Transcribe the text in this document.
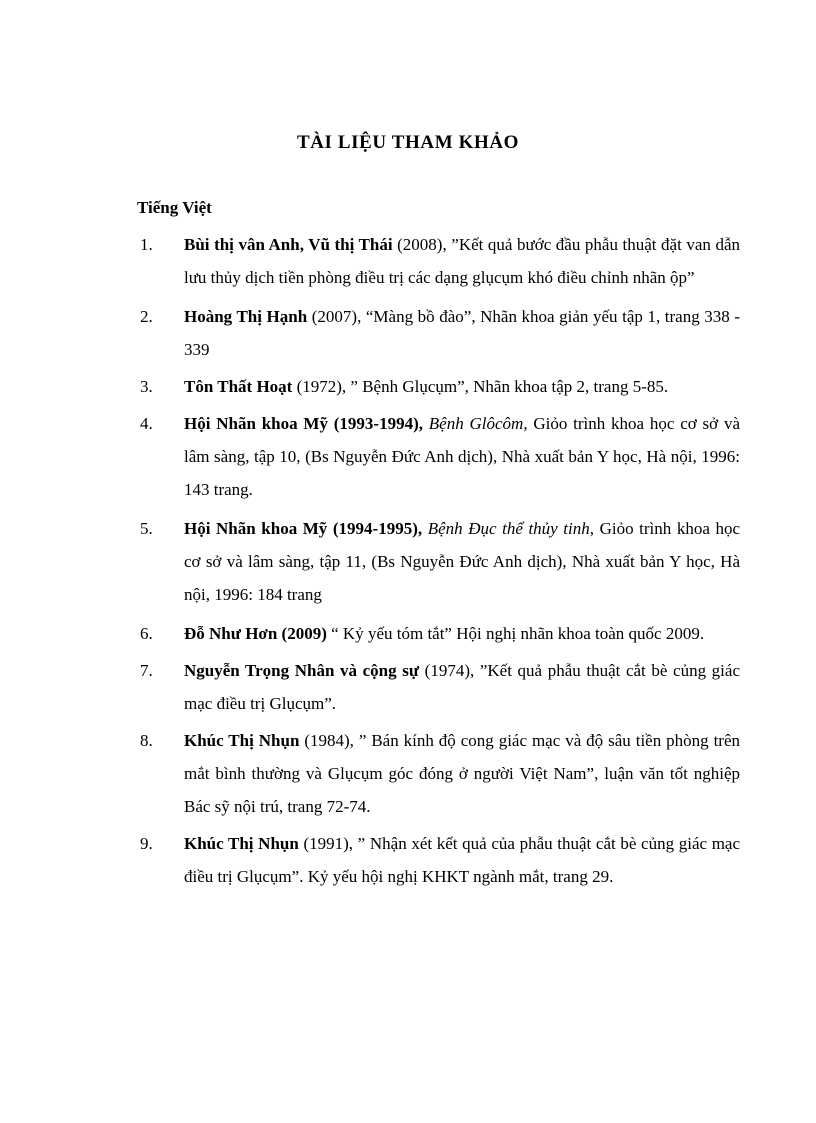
TÀI LIỆU THAM KHẢO
Tiếng Việt
1.	Bùi thị vân Anh, Vũ thị Thái (2008), ”Kết quả bước đầu phẫu thuật đặt van dẫn lưu thủy dịch tiền phòng điều trị các dạng glụcụm khó điều chỉnh nhãn ộp”
2.	Hoàng Thị Hạnh (2007), “Màng bồ đào”, Nhãn khoa giản yếu tập 1, trang 338 - 339
3.	Tôn Thất Hoạt (1972), ” Bệnh Glụcụm”, Nhãn khoa tập 2, trang 5-85.
4.	Hội Nhãn khoa Mỹ (1993-1994), Bệnh Glôcôm, Giỏo trình khoa học cơ sở và lâm sàng, tập 10, (Bs Nguyễn Đức Anh dịch), Nhà xuất bản Y học, Hà nội, 1996: 143 trang.
5.	Hội Nhãn khoa Mỹ (1994-1995), Bệnh Đục thể thủy tinh, Giỏo trình khoa học cơ sở và lâm sàng, tập 11, (Bs Nguyễn Đức Anh dịch), Nhà xuất bản Y học, Hà nội, 1996: 184 trang
6.	Đỗ Như Hơn (2009) “ Kỷ yếu tóm tắt” Hội nghị nhãn khoa toàn quốc 2009.
7.	Nguyễn Trọng Nhân và cộng sự (1974), ”Kết quả phẫu thuật cắt bè củng giác mạc điều trị Glụcụm”.
8.	Khúc Thị Nhụn (1984), ” Bán kính độ cong giác mạc và độ sâu tiền phòng trên mắt bình thường và Glụcụm góc đóng ở người Việt Nam”, luận văn tốt nghiệp Bác sỹ nội trú, trang 72-74.
9.	Khúc Thị Nhụn (1991), ” Nhận xét kết quả của phẫu thuật cắt bè củng giác mạc điều trị Glụcụm”. Kỷ yếu hội nghị KHKT ngành mắt, trang 29.
